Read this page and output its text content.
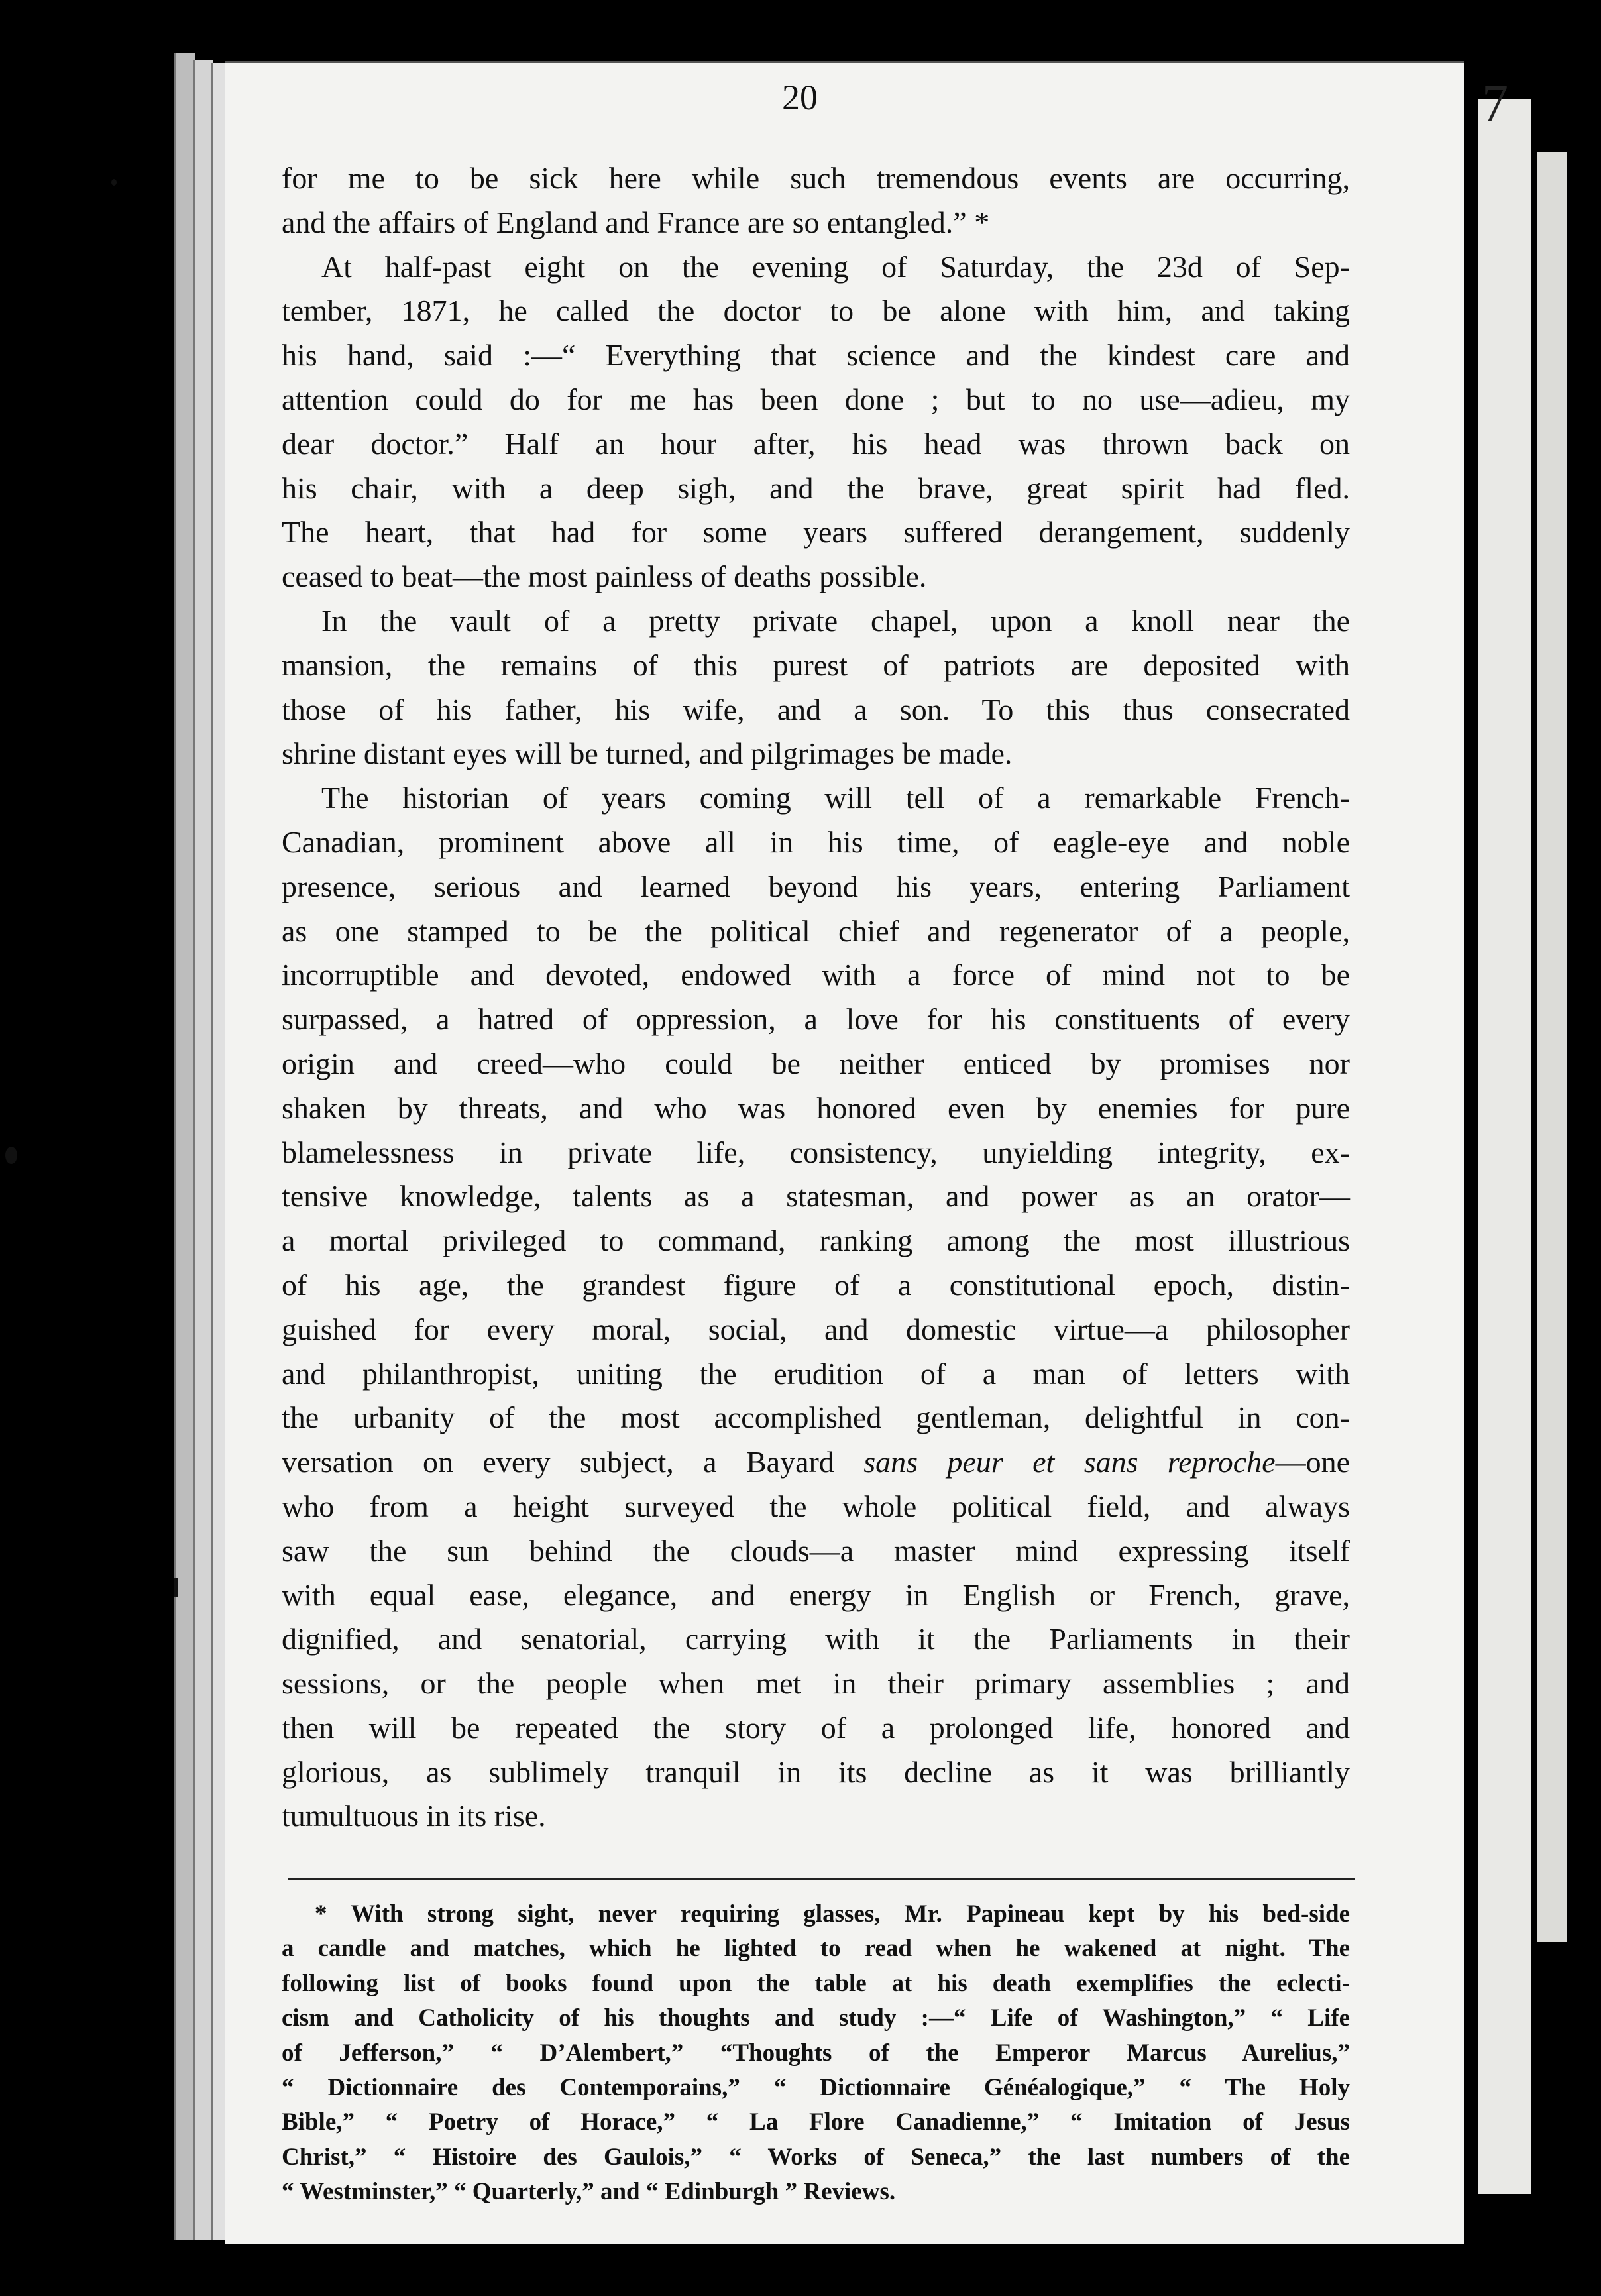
7
20
for me to be sick here while such tremendous events are occurring,
and the affairs of England and France are so entangled.” *
At half-past eight on the evening of Saturday, the 23d of Sep-
tember, 1871, he called the doctor to be alone with him, and taking
his hand, said :—“ Everything that science and the kindest care and
attention could do for me has been done ; but to no use—adieu, my
dear doctor.” Half an hour after, his head was thrown back on
his chair, with a deep sigh, and the brave, great spirit had fled.
The heart, that had for some years suffered derangement, suddenly
ceased to beat—the most painless of deaths possible.
In the vault of a pretty private chapel, upon a knoll near the
mansion, the remains of this purest of patriots are deposited with
those of his father, his wife, and a son. To this thus consecrated
shrine distant eyes will be turned, and pilgrimages be made.
The historian of years coming will tell of a remarkable French-
Canadian, prominent above all in his time, of eagle-eye and noble
presence, serious and learned beyond his years, entering Parliament
as one stamped to be the political chief and regenerator of a people,
incorruptible and devoted, endowed with a force of mind not to be
surpassed, a hatred of oppression, a love for his constituents of every
origin and creed—who could be neither enticed by promises nor
shaken by threats, and who was honored even by enemies for pure
blamelessness in private life, consistency, unyielding integrity, ex-
tensive knowledge, talents as a statesman, and power as an orator—
a mortal privileged to command, ranking among the most illustrious
of his age, the grandest figure of a constitutional epoch, distin-
guished for every moral, social, and domestic virtue—a philosopher
and philanthropist, uniting the erudition of a man of letters with
the urbanity of the most accomplished gentleman, delightful in con-
versation on every subject, a Bayard sans peur et sans reproche—one
who from a height surveyed the whole political field, and always
saw the sun behind the clouds—a master mind expressing itself
with equal ease, elegance, and energy in English or French, grave,
dignified, and senatorial, carrying with it the Parliaments in their
sessions, or the people when met in their primary assemblies ; and
then will be repeated the story of a prolonged life, honored and
glorious, as sublimely tranquil in its decline as it was brilliantly
tumultuous in its rise.
* With strong sight, never requiring glasses, Mr. Papineau kept by his bed-side
a candle and matches, which he lighted to read when he wakened at night. The
following list of books found upon the table at his death exemplifies the eclecti-
cism and Catholicity of his thoughts and study :—“ Life of Washington,” “ Life
of Jefferson,” “ D’Alembert,” “Thoughts of the Emperor Marcus Aurelius,”
“ Dictionnaire des Contemporains,” “ Dictionnaire Généalogique,” “ The Holy
Bible,” “ Poetry of Horace,” “ La Flore Canadienne,” “ Imitation of Jesus
Christ,” “ Histoire des Gaulois,” “ Works of Seneca,” the last numbers of the
“ Westminster,” “ Quarterly,” and “ Edinburgh ” Reviews.
